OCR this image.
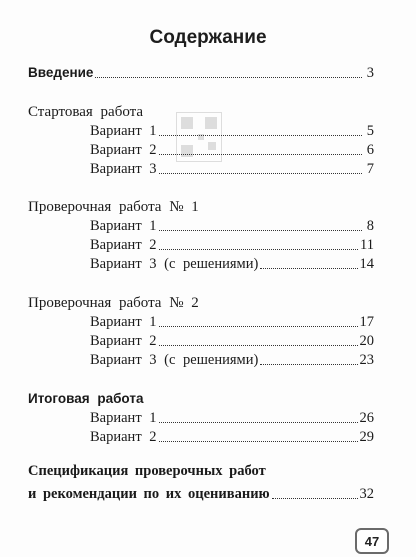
Содержание
Введение	3
Стартовая работа
Вариант 1	5
Вариант 2	6
Вариант 3	7
Проверочная работа № 1
Вариант 1	8
Вариант 2	11
Вариант 3 (с решениями)	14
Проверочная работа № 2
Вариант 1	17
Вариант 2	20
Вариант 3 (с решениями)	23
Итоговая работа
Вариант 1	26
Вариант 2	29
Спецификация проверочных работ
и рекомендации по их оцениванию	32
47
